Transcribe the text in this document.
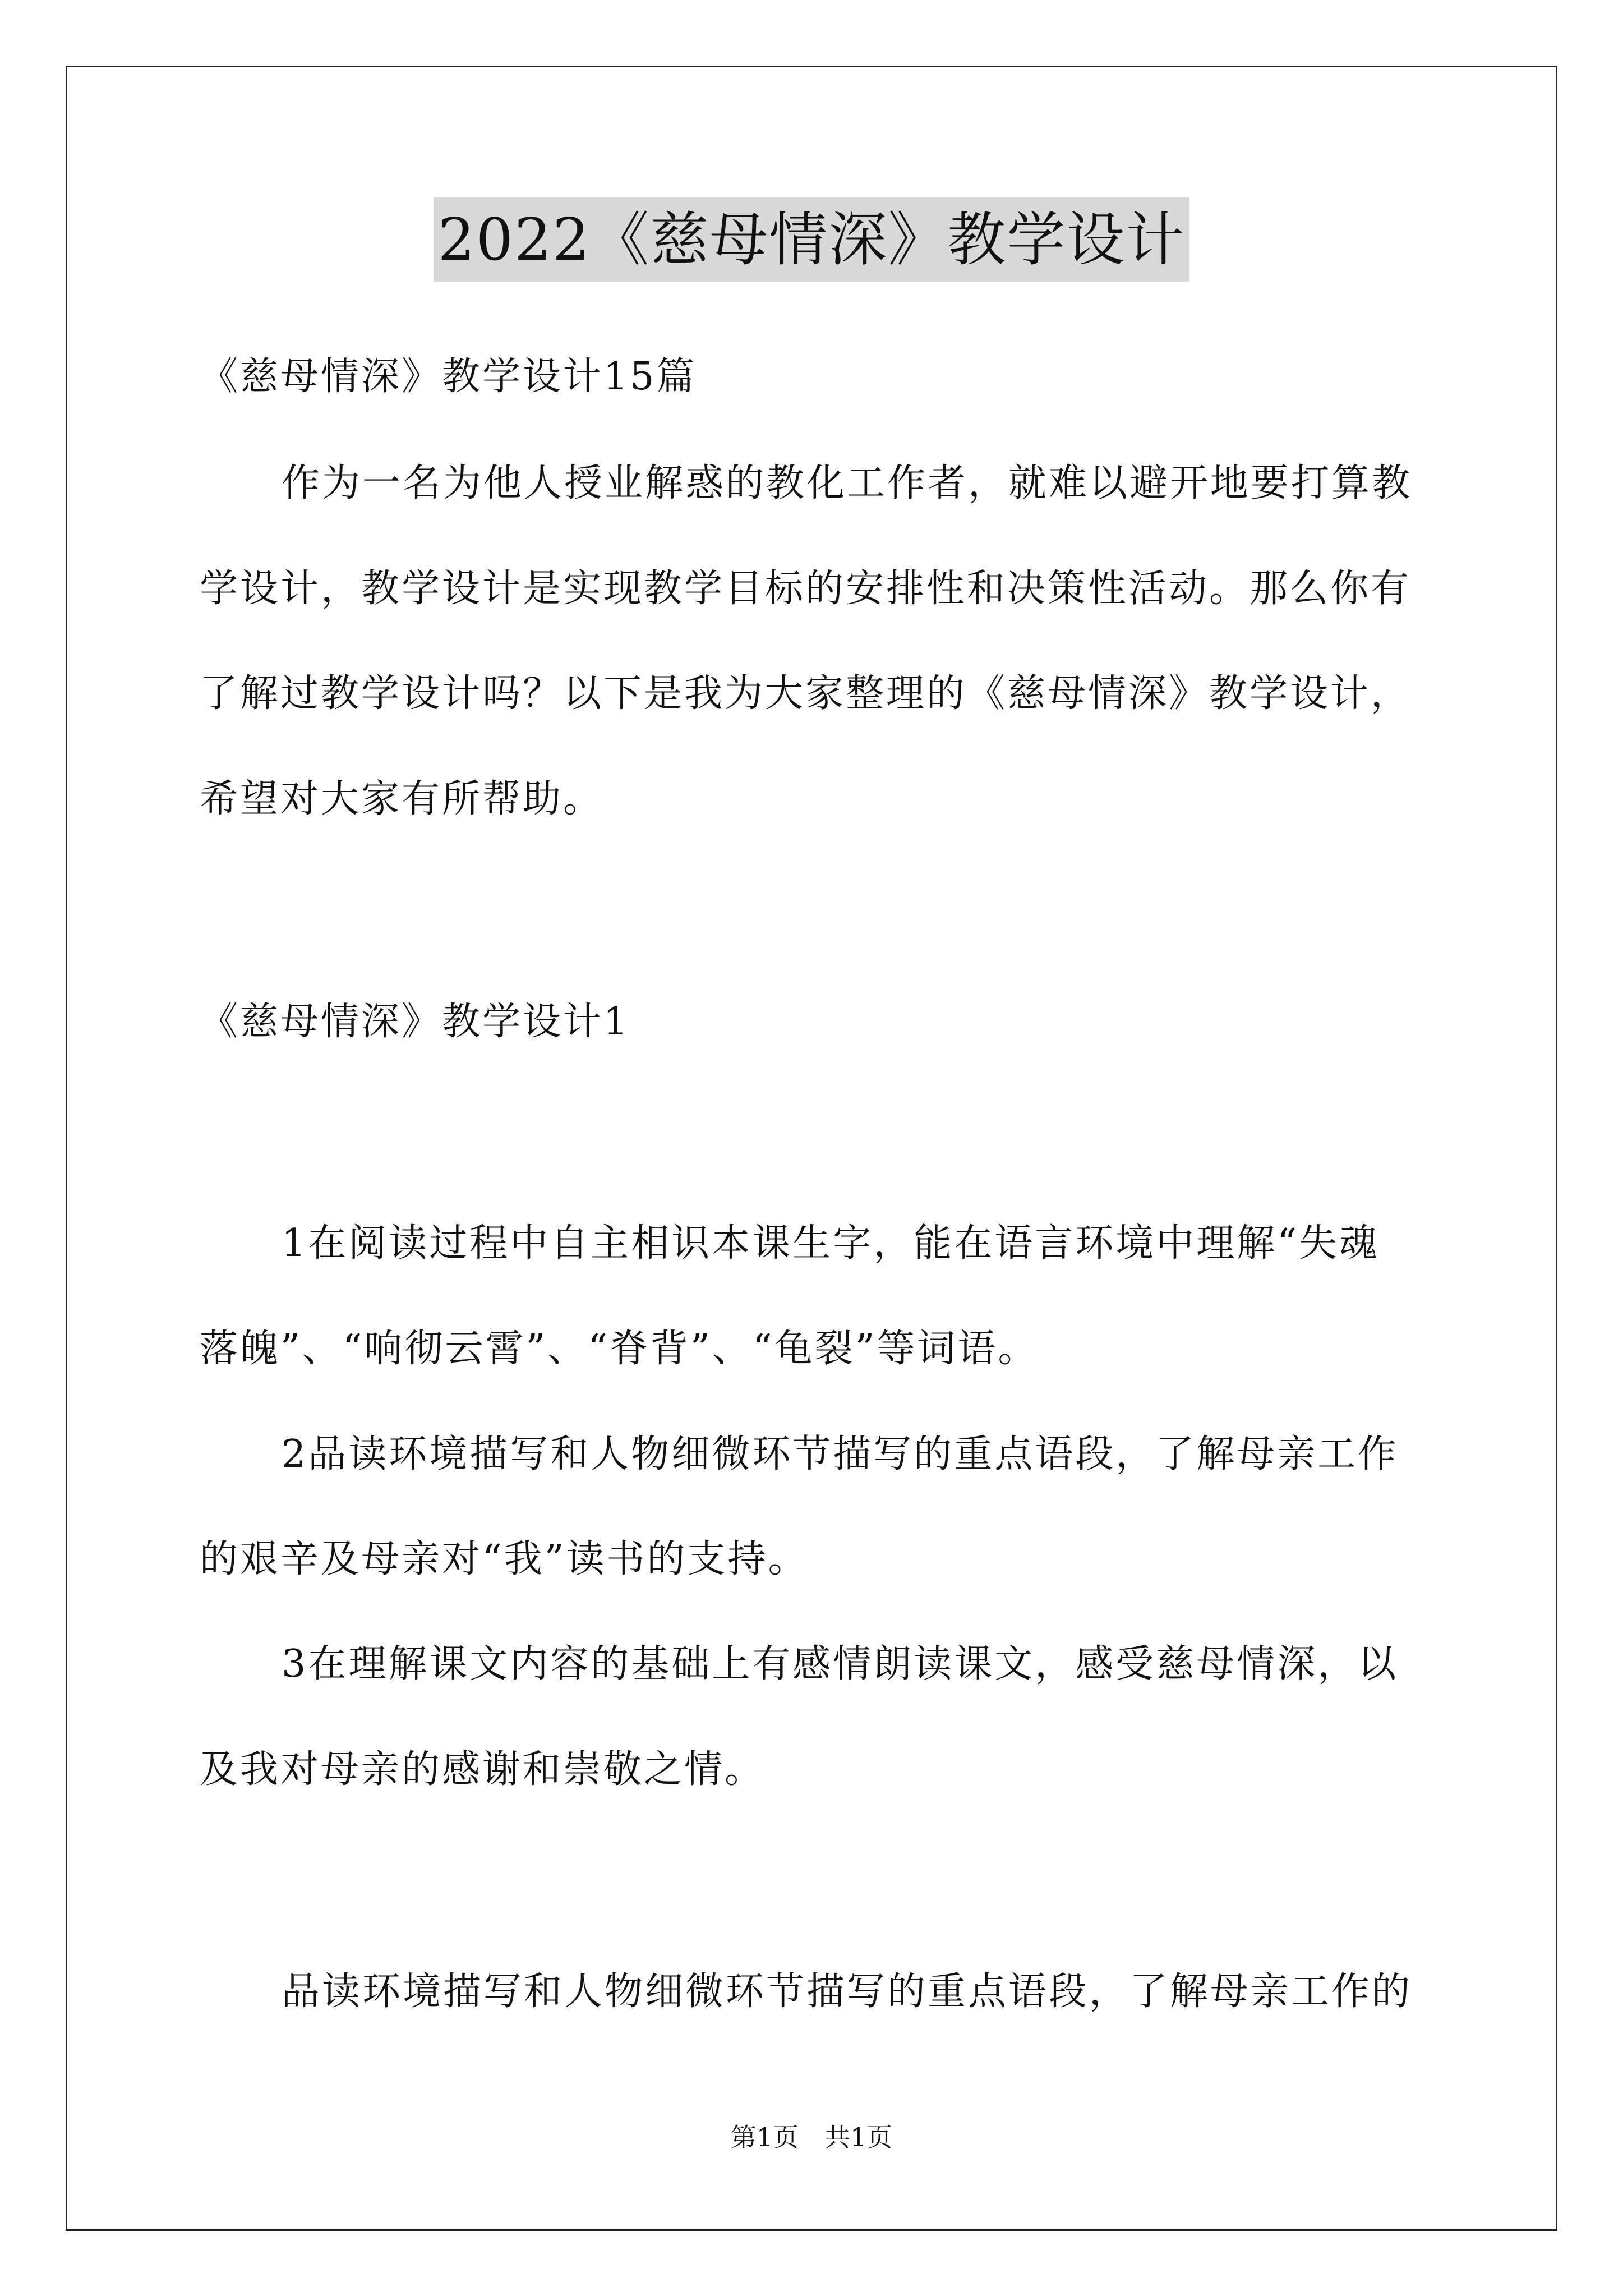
2022《慈母情深》教学设计
《慈母情深》教学设计15篇
作为一名为他人授业解惑的教化工作者，就难以避开地要打算教
学设计，教学设计是实现教学目标的安排性和决策性活动。那么你有
了解过教学设计吗？以下是我为大家整理的《慈母情深》教学设计，
希望对大家有所帮助。
《慈母情深》教学设计1
1在阅读过程中自主相识本课生字，能在语言环境中理解“失魂
落魄”、“响彻云霄”、“脊背”、“龟裂”等词语。
2品读环境描写和人物细微环节描写的重点语段，了解母亲工作
的艰辛及母亲对“我”读书的支持。
3在理解课文内容的基础上有感情朗读课文，感受慈母情深，以
及我对母亲的感谢和崇敬之情。
品读环境描写和人物细微环节描写的重点语段，了解母亲工作的
第1页　共1页
